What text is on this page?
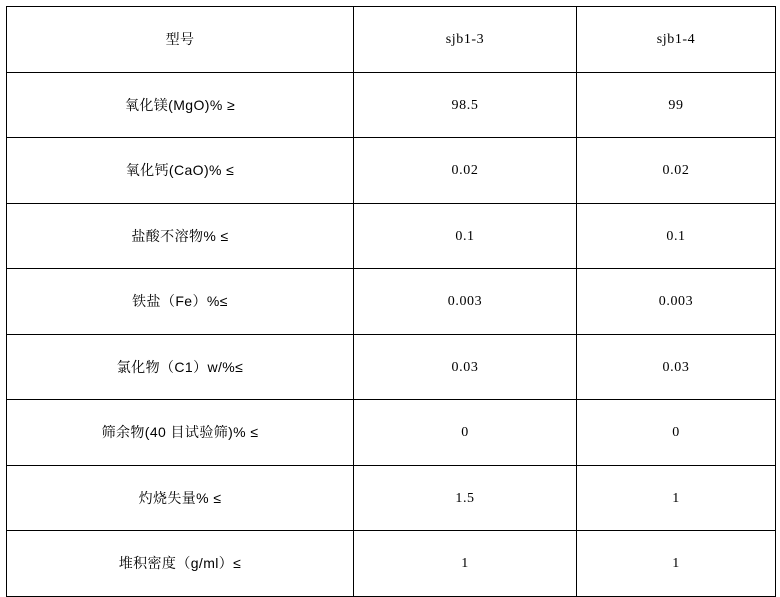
型号	sjb1-3	sjb1-4
氧化镁(MgO)% ≥	98.5	99
氧化钙(CaO)% ≤	0.02	0.02
盐酸不溶物% ≤	0.1	0.1
铁盐（Fe）%≤	0.003	0.003
氯化物（C1）w/%≤	0.03	0.03
筛余物(40 目试验筛)% ≤	0	0
灼烧失量% ≤	1.5	1
堆积密度（g/ml）≤	1	1
